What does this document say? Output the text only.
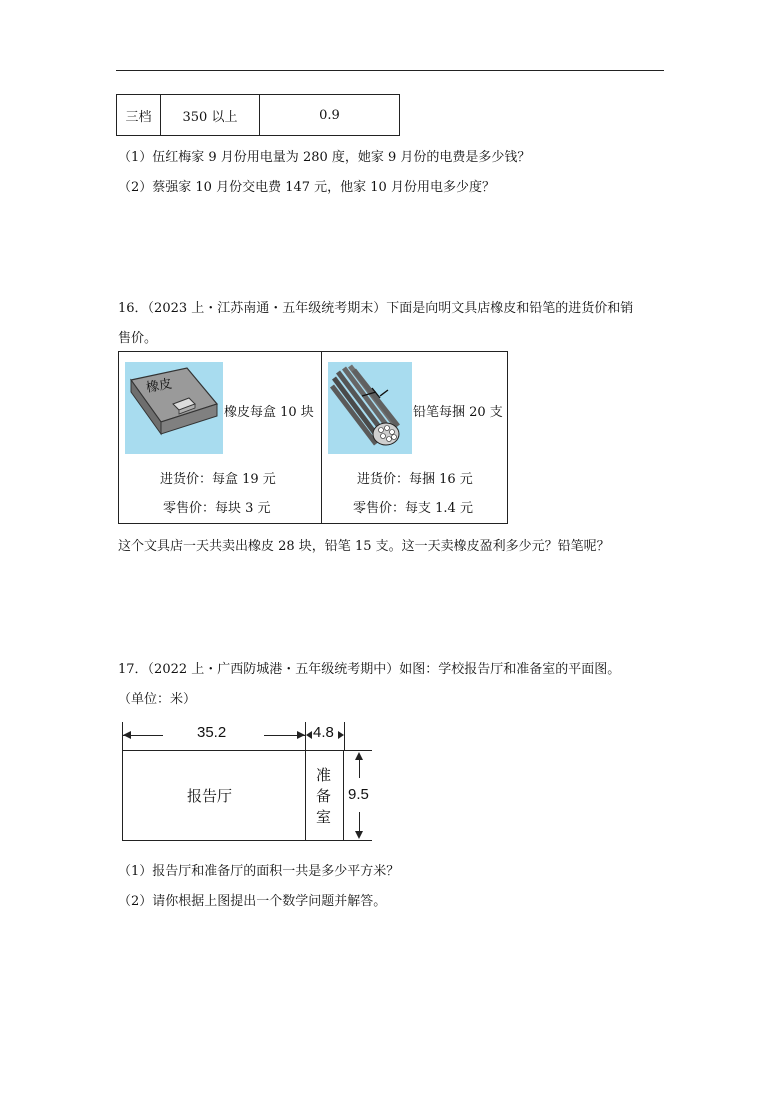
三档	350 以上	0.9
（1）伍红梅家 9 月份用电量为 280 度，她家 9 月份的电费是多少钱？
（2）蔡强家 10 月份交电费 147 元，他家 10 月份用电多少度？
16．（2023 上・江苏南通・五年级统考期末）下面是向明文具店橡皮和铅笔的进货价和销
售价。
橡皮
橡皮每盒 10 块
进货价：每盒 19 元
零售价：每块 3 元
铅笔每捆 20 支
进货价：每捆 16 元
零售价：每支 1.4 元
这个文具店一天共卖出橡皮 28 块，铅笔 15 支。这一天卖橡皮盈利多少元？铅笔呢？
17．（2022 上・广西防城港・五年级统考期中）如图：学校报告厅和准备室的平面图。
（单位：米）
35.2	4.8
报告厅
准
备
室
9.5
（1）报告厅和准备厅的面积一共是多少平方米？
（2）请你根据上图提出一个数学问题并解答。
